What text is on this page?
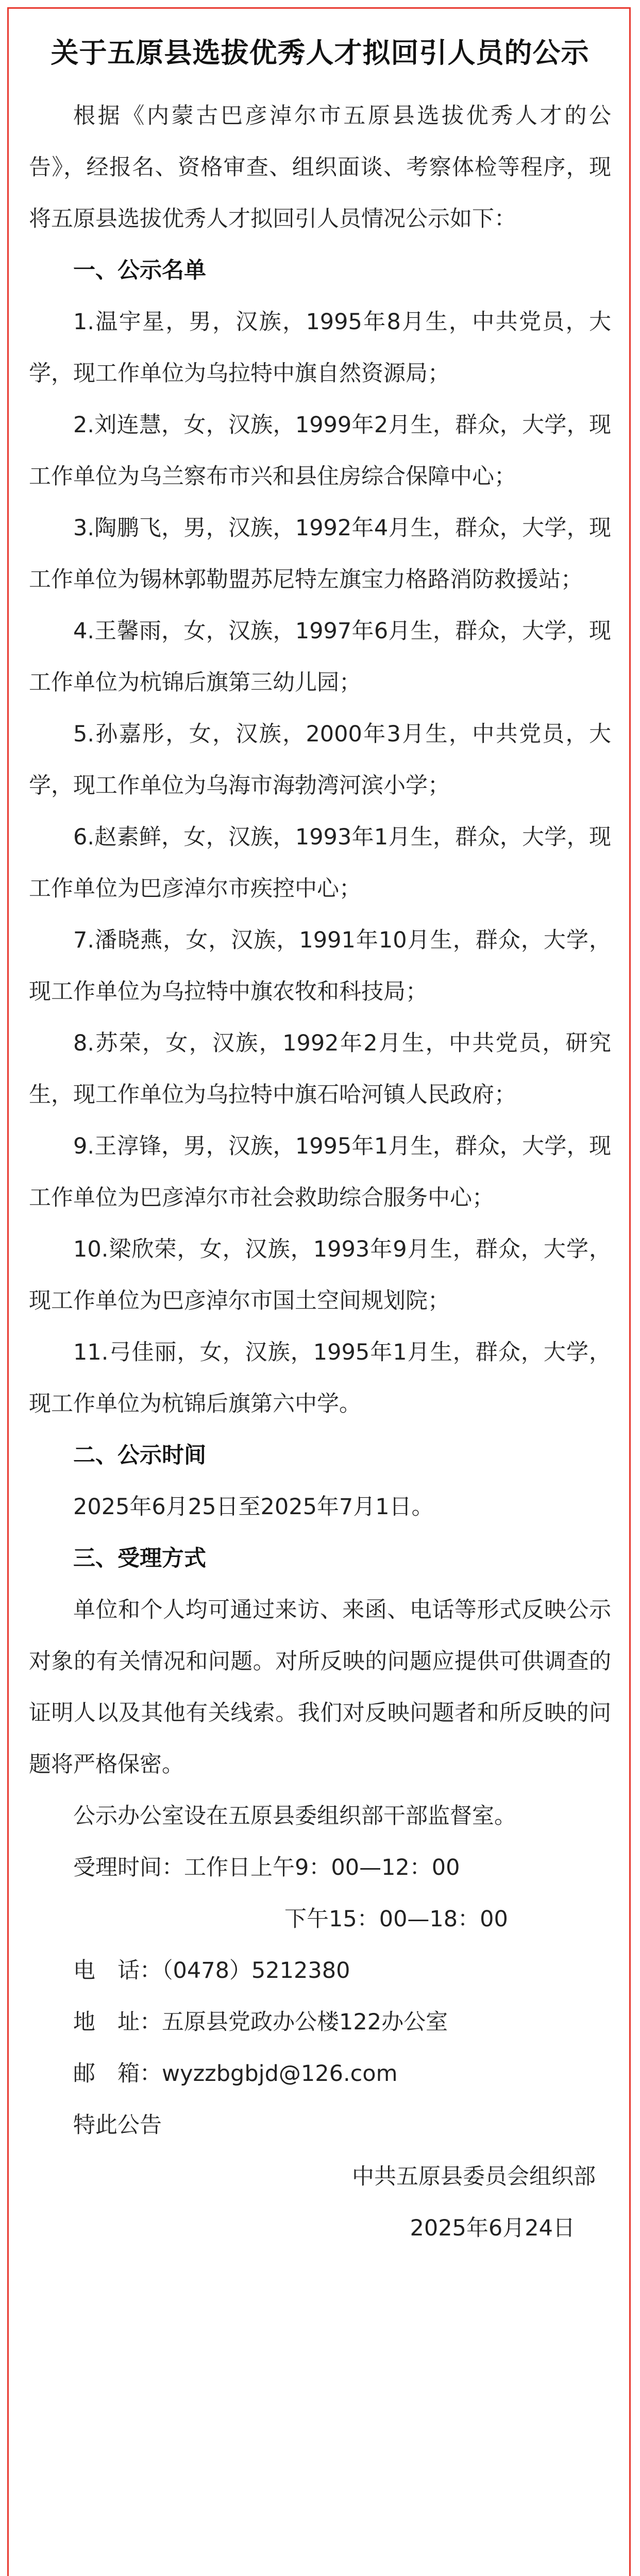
关于五原县选拔优秀人才拟回引人员的公示

根据《内蒙古巴彦淖尔市五原县选拔优秀人才的公告》，经报名、资格审查、组织面谈、考察体检等程序，现将五原县选拔优秀人才拟回引人员情况公示如下：

一、公示名单

1.温宇星，男，汉族，1995年8月生，中共党员，大学，现工作单位为乌拉特中旗自然资源局；

2.刘连慧，女，汉族，1999年2月生，群众，大学，现工作单位为乌兰察布市兴和县住房综合保障中心；

3.陶鹏飞，男，汉族，1992年4月生，群众，大学，现工作单位为锡林郭勒盟苏尼特左旗宝力格路消防救援站；

4.王馨雨，女，汉族，1997年6月生，群众，大学，现工作单位为杭锦后旗第三幼儿园；

5.孙嘉彤，女，汉族，2000年3月生，中共党员，大学，现工作单位为乌海市海勃湾河滨小学；

6.赵素鲜，女，汉族，1993年1月生，群众，大学，现工作单位为巴彦淖尔市疾控中心；

7.潘晓燕，女，汉族，1991年10月生，群众，大学，现工作单位为乌拉特中旗农牧和科技局；

8.苏荣，女，汉族，1992年2月生，中共党员，研究生，现工作单位为乌拉特中旗石哈河镇人民政府；

9.王淳锋，男，汉族，1995年1月生，群众，大学，现工作单位为巴彦淖尔市社会救助综合服务中心；

10.梁欣荣，女，汉族，1993年9月生，群众，大学，现工作单位为巴彦淖尔市国土空间规划院；

11.弓佳丽，女，汉族，1995年1月生，群众，大学，现工作单位为杭锦后旗第六中学。

二、公示时间

2025年6月25日至2025年7月1日。

三、受理方式

单位和个人均可通过来访、来函、电话等形式反映公示对象的有关情况和问题。对所反映的问题应提供可供调查的证明人以及其他有关线索。我们对反映问题者和所反映的问题将严格保密。

公示办公室设在五原县委组织部干部监督室。

受理时间：工作日上午9：00—12：00

下午15：00—18：00

电　话：（0478）5212380

地　址：五原县党政办公楼122办公室

邮　箱：wyzzbgbjd@126.com

特此公告

中共五原县委员会组织部

2025年6月24日
